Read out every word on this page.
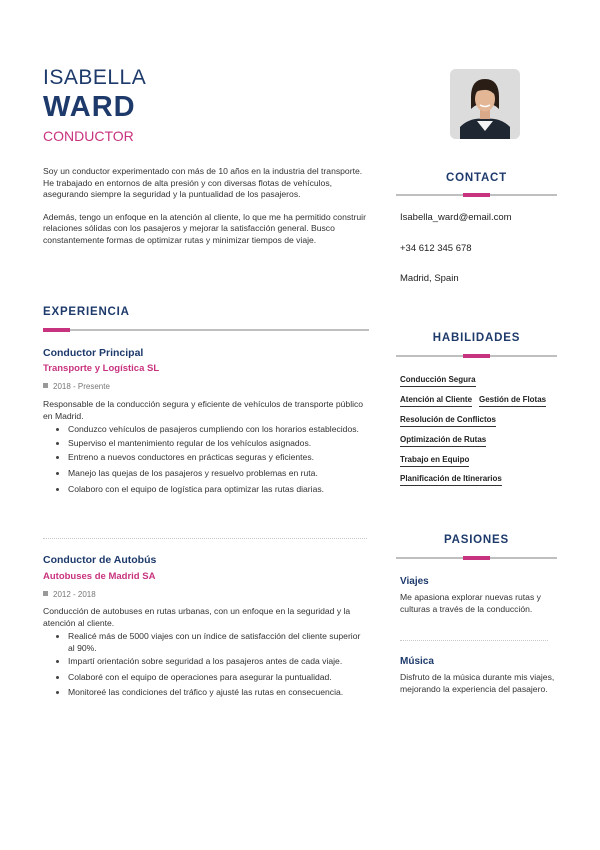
ISABELLA
WARD
CONDUCTOR

Soy un conductor experimentado con más de 10 años en la industria del transporte. He trabajado en entornos de alta presión y con diversas flotas de vehículos, asegurando siempre la seguridad y la puntualidad de los pasajeros.

Además, tengo un enfoque en la atención al cliente, lo que me ha permitido construir relaciones sólidas con los pasajeros y mejorar la satisfacción general. Busco constantemente formas de optimizar rutas y minimizar tiempos de viaje.

EXPERIENCIA
Conductor Principal
Transporte y Logística SL
2018 - Presente
Responsable de la conducción segura y eficiente de vehículos de transporte público en Madrid.
Conduzco vehículos de pasajeros cumpliendo con los horarios establecidos.
Superviso el mantenimiento regular de los vehículos asignados.
Entreno a nuevos conductores en prácticas seguras y eficientes.
Manejo las quejas de los pasajeros y resuelvo problemas en ruta.
Colaboro con el equipo de logística para optimizar las rutas diarias.
Conductor de Autobús
Autobuses de Madrid SA
2012 - 2018
Conducción de autobuses en rutas urbanas, con un enfoque en la seguridad y la atención al cliente.
Realicé más de 5000 viajes con un índice de satisfacción del cliente superior al 90%.
Impartí orientación sobre seguridad a los pasajeros antes de cada viaje.
Colaboré con el equipo de operaciones para asegurar la puntualidad.
Monitoreé las condiciones del tráfico y ajusté las rutas en consecuencia.
CONTACT
Isabella_ward@email.com
+34 612 345 678
Madrid, Spain
HABILIDADES
Conducción Segura
Atención al Cliente Gestión de Flotas
Resolución de Conflictos
Optimización de Rutas
Trabajo en Equipo
Planificación de Itinerarios
PASIONES
Viajes
Me apasiona explorar nuevas rutas y culturas a través de la conducción.
Música
Disfruto de la música durante mis viajes, mejorando la experiencia del pasajero.
